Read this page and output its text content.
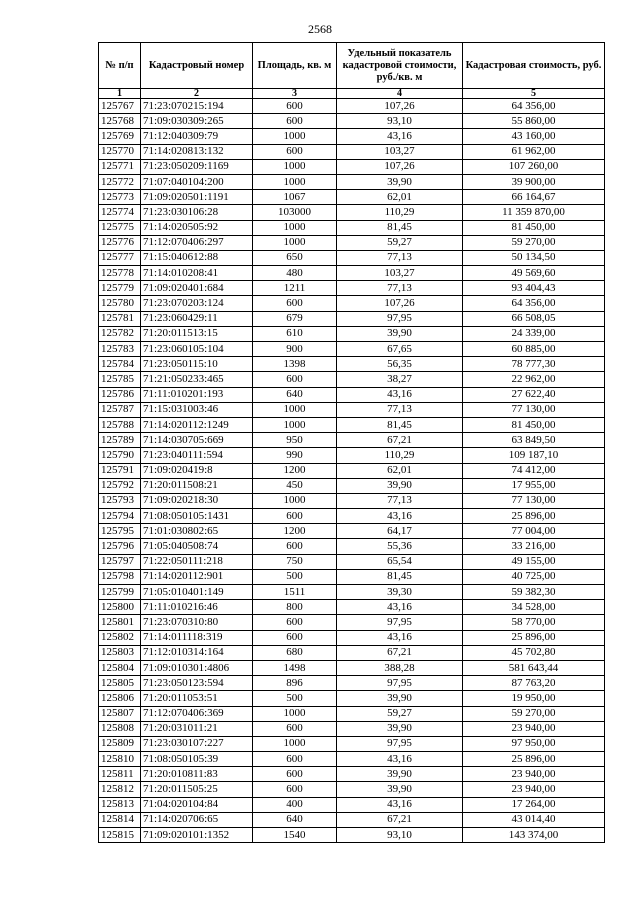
2568
№ п/п	Кадастровый номер	Площадь, кв. м	Удельный показатель кадастровой стоимости, руб./кв. м	Кадастровая стоимость, руб.
1	2	3	4	5
125767	71:23:070215:194	600	107,26	64 356,00
125768	71:09:030309:265	600	93,10	55 860,00
125769	71:12:040309:79	1000	43,16	43 160,00
125770	71:14:020813:132	600	103,27	61 962,00
125771	71:23:050209:1169	1000	107,26	107 260,00
125772	71:07:040104:200	1000	39,90	39 900,00
125773	71:09:020501:1191	1067	62,01	66 164,67
125774	71:23:030106:28	103000	110,29	11 359 870,00
125775	71:14:020505:92	1000	81,45	81 450,00
125776	71:12:070406:297	1000	59,27	59 270,00
125777	71:15:040612:88	650	77,13	50 134,50
125778	71:14:010208:41	480	103,27	49 569,60
125779	71:09:020401:684	1211	77,13	93 404,43
125780	71:23:070203:124	600	107,26	64 356,00
125781	71:23:060429:11	679	97,95	66 508,05
125782	71:20:011513:15	610	39,90	24 339,00
125783	71:23:060105:104	900	67,65	60 885,00
125784	71:23:050115:10	1398	56,35	78 777,30
125785	71:21:050233:465	600	38,27	22 962,00
125786	71:11:010201:193	640	43,16	27 622,40
125787	71:15:031003:46	1000	77,13	77 130,00
125788	71:14:020112:1249	1000	81,45	81 450,00
125789	71:14:030705:669	950	67,21	63 849,50
125790	71:23:040111:594	990	110,29	109 187,10
125791	71:09:020419:8	1200	62,01	74 412,00
125792	71:20:011508:21	450	39,90	17 955,00
125793	71:09:020218:30	1000	77,13	77 130,00
125794	71:08:050105:1431	600	43,16	25 896,00
125795	71:01:030802:65	1200	64,17	77 004,00
125796	71:05:040508:74	600	55,36	33 216,00
125797	71:22:050111:218	750	65,54	49 155,00
125798	71:14:020112:901	500	81,45	40 725,00
125799	71:05:010401:149	1511	39,30	59 382,30
125800	71:11:010216:46	800	43,16	34 528,00
125801	71:23:070310:80	600	97,95	58 770,00
125802	71:14:011118:319	600	43,16	25 896,00
125803	71:12:010314:164	680	67,21	45 702,80
125804	71:09:010301:4806	1498	388,28	581 643,44
125805	71:23:050123:594	896	97,95	87 763,20
125806	71:20:011053:51	500	39,90	19 950,00
125807	71:12:070406:369	1000	59,27	59 270,00
125808	71:20:031011:21	600	39,90	23 940,00
125809	71:23:030107:227	1000	97,95	97 950,00
125810	71:08:050105:39	600	43,16	25 896,00
125811	71:20:010811:83	600	39,90	23 940,00
125812	71:20:011505:25	600	39,90	23 940,00
125813	71:04:020104:84	400	43,16	17 264,00
125814	71:14:020706:65	640	67,21	43 014,40
125815	71:09:020101:1352	1540	93,10	143 374,00
